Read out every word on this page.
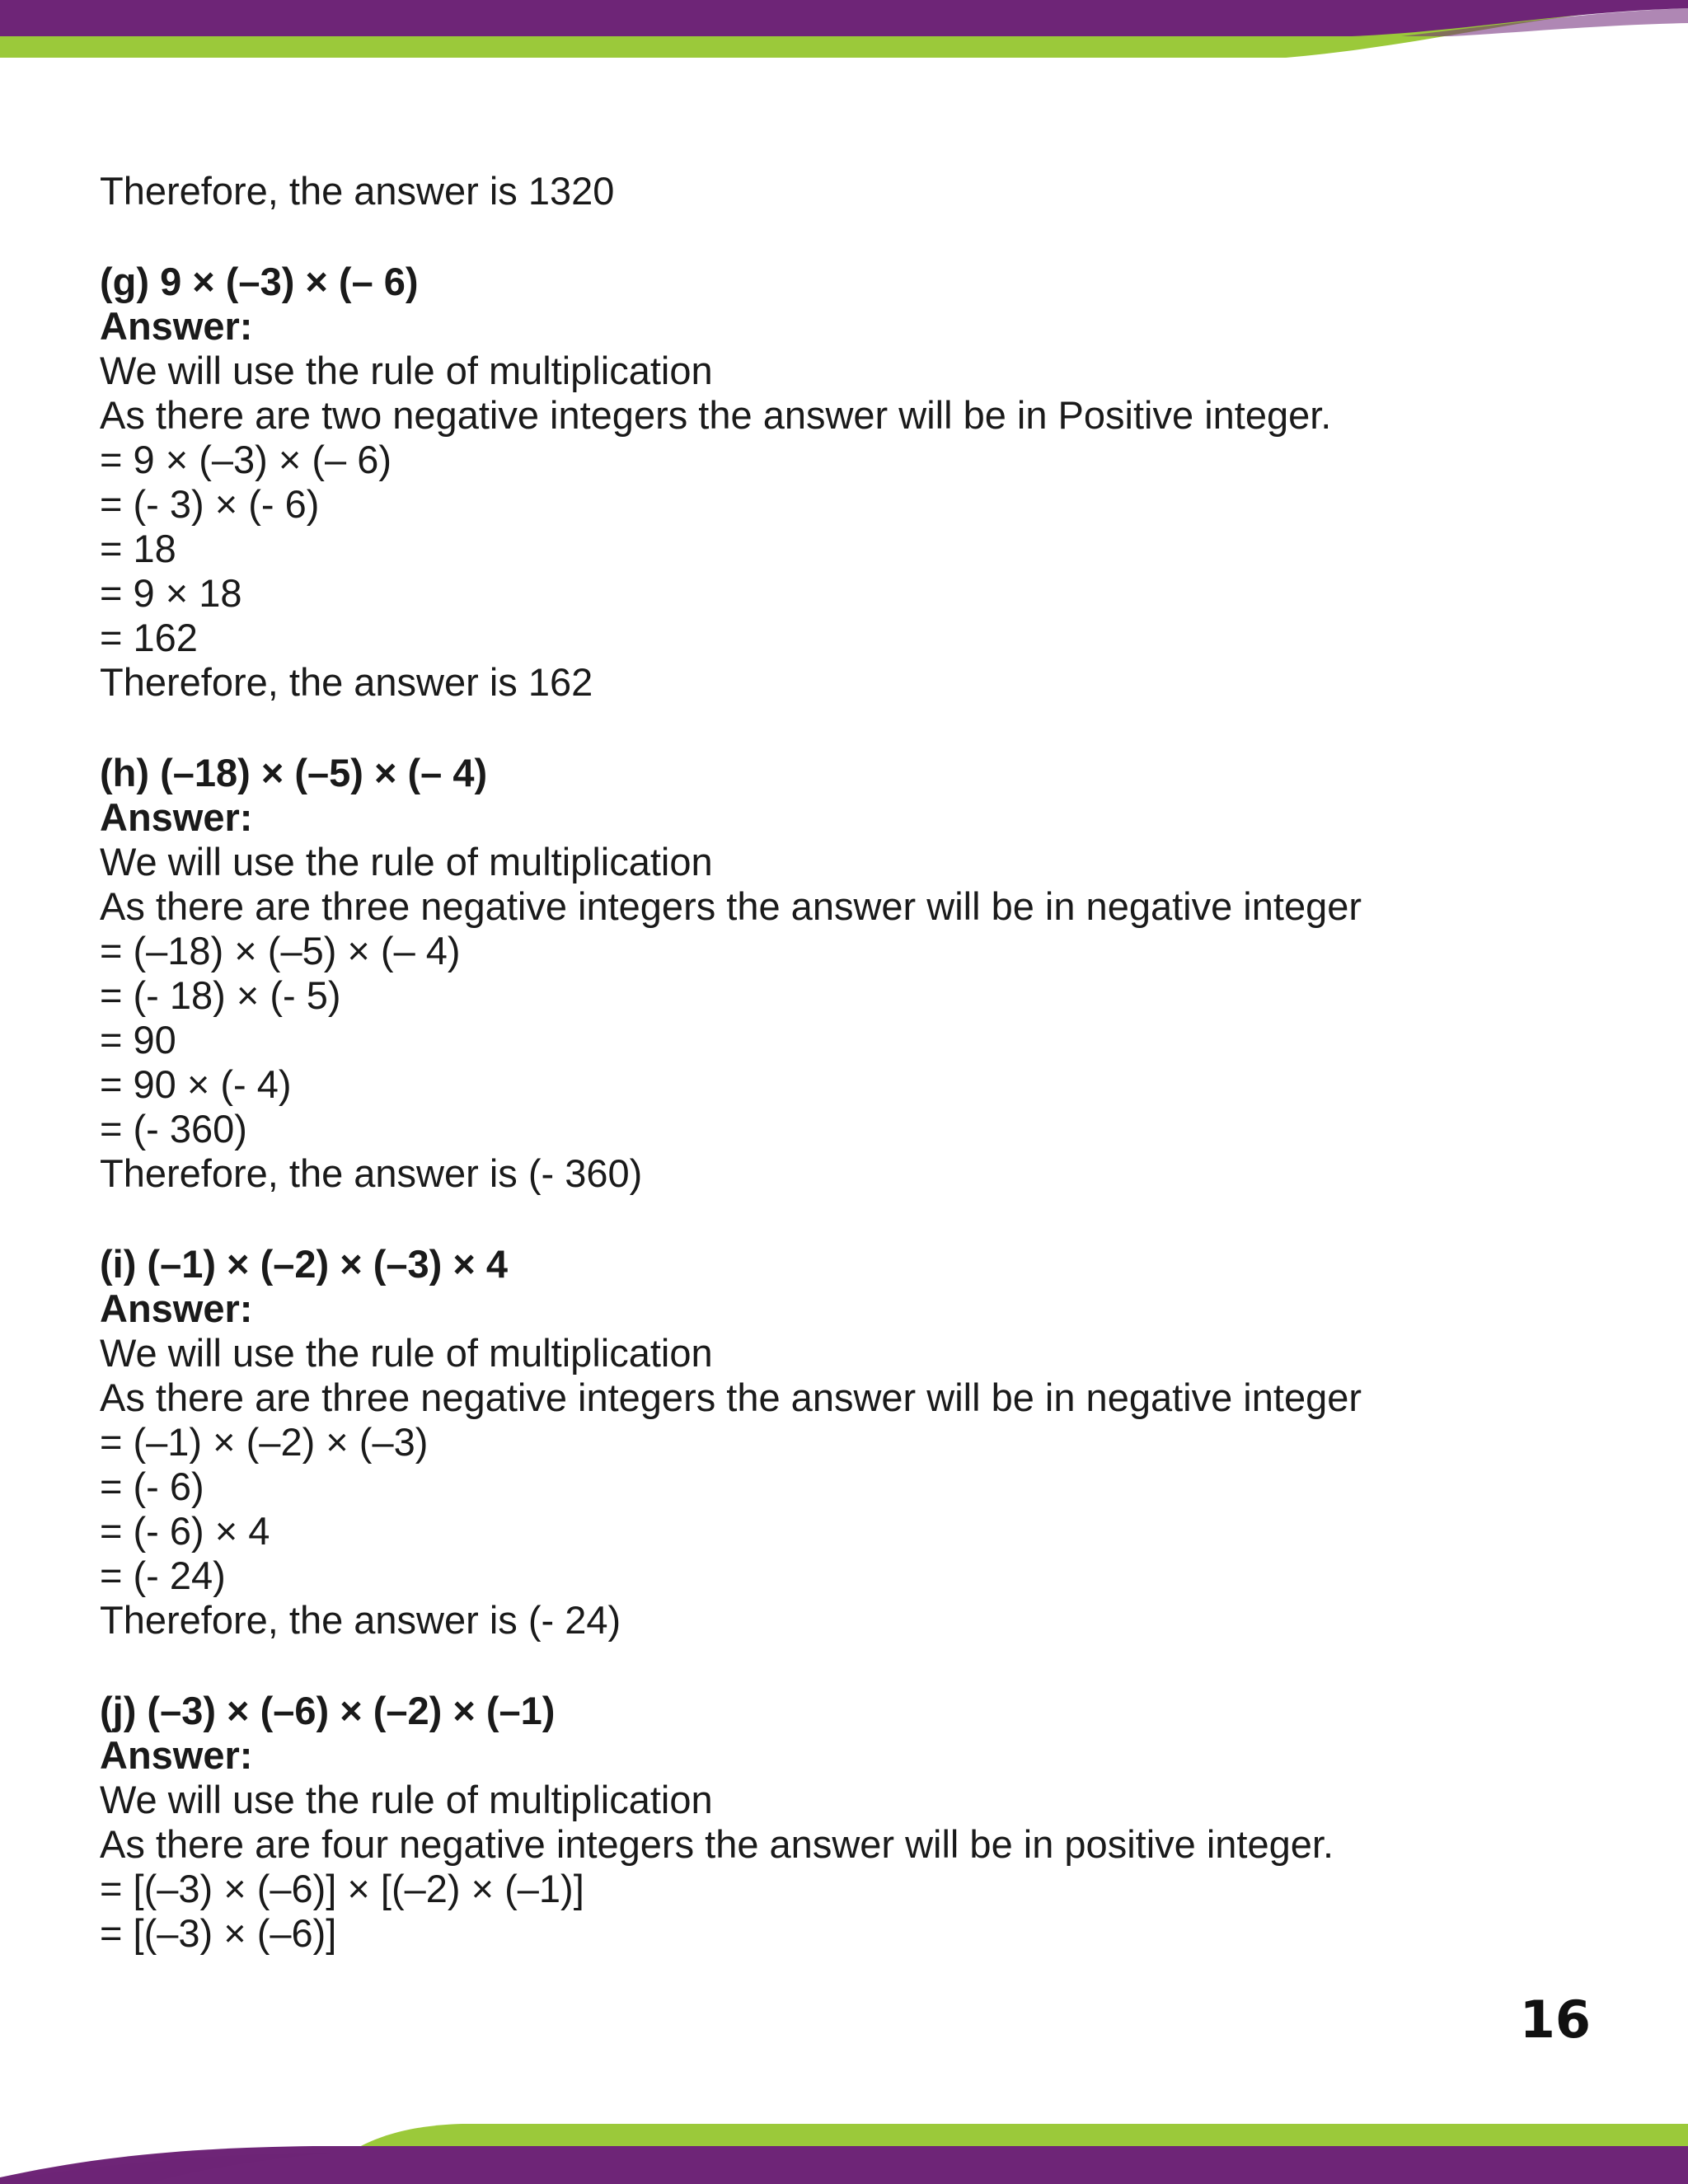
Therefore, the answer is 1320
(g) 9 × (–3) × (– 6)
Answer:
We will use the rule of multiplication
As there are two negative integers the answer will be in Positive integer.
= 9 × (–3) × (– 6)
= (- 3) × (- 6)
= 18
= 9 × 18
= 162
Therefore, the answer is 162
(h) (–18) × (–5) × (– 4)
Answer:
We will use the rule of multiplication
As there are three negative integers the answer will be in negative integer
= (–18) × (–5) × (– 4)
= (- 18) × (- 5)
= 90
= 90 × (- 4)
= (- 360)
Therefore, the answer is (- 360)
(i) (–1) × (–2) × (–3) × 4
Answer:
We will use the rule of multiplication
As there are three negative integers the answer will be in negative integer
= (–1) × (–2) × (–3)
= (- 6)
= (- 6) × 4
= (- 24)
Therefore, the answer is (- 24)
(j) (–3) × (–6) × (–2) × (–1)
Answer:
We will use the rule of multiplication
As there are four negative integers the answer will be in positive integer.
= [(–3) × (–6)] × [(–2) × (–1)]
= [(–3) × (–6)]
16
